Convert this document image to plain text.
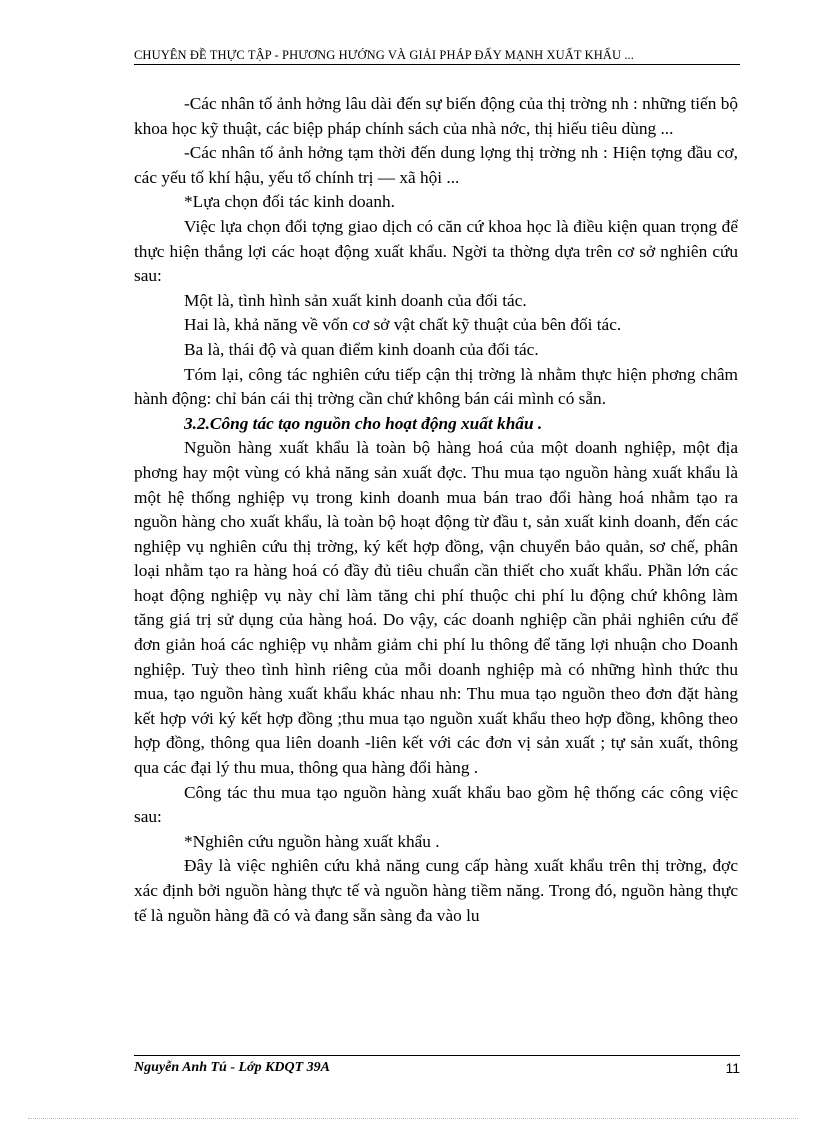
CHUYÊN ĐỀ THỰC TẬP - PHƯƠNG HƯỚNG VÀ GIẢI PHÁP ĐẨY MẠNH XUẤT KHẨU ...

-Các nhân tố ảnh hởng lâu dài đến sự biến động của thị trờng nh : những tiến bộ khoa học kỹ thuật, các biệp pháp chính sách của nhà nớc, thị hiếu tiêu dùng ...

-Các nhân tố ảnh hởng tạm thời đến dung lợng thị trờng nh : Hiện tợng đầu cơ, các yếu tố khí hậu, yếu tố chính trị — xã hội ...

*Lựa chọn đối tác kinh doanh.

Việc lựa chọn đối tợng giao dịch có căn cứ khoa học là điều kiện quan trọng để thực hiện thắng lợi các hoạt động xuất khẩu. Ngời ta thờng dựa trên cơ sở nghiên cứu sau:

Một là, tình hình sản xuất kinh doanh của đối tác.

Hai là, khả năng về vốn cơ sở vật chất kỹ thuật của bên đối tác.

Ba là, thái độ và quan điểm kinh doanh của đối tác.

Tóm lại, công tác nghiên cứu tiếp cận thị trờng là nhằm thực hiện phơng châm hành động: chỉ bán cái thị trờng cần chứ không bán cái mình có sẵn.

3.2.Công tác tạo nguồn cho hoạt động xuất khẩu .

Nguồn hàng xuất khẩu là toàn bộ hàng hoá của một doanh nghiệp, một địa phơng hay một vùng có khả năng sản xuất đợc. Thu mua tạo nguồn hàng xuất khẩu là một hệ thống nghiệp vụ trong kinh doanh mua bán trao đổi hàng hoá nhằm tạo ra nguồn hàng cho xuất khẩu, là toàn bộ hoạt động từ đầu t, sản xuất kinh doanh, đến các nghiệp vụ nghiên cứu thị trờng, ký kết hợp đồng, vận chuyển bảo quản, sơ chế, phân loại nhằm tạo ra hàng hoá có đầy đủ tiêu chuẩn cần thiết cho xuất khẩu. Phần lớn các hoạt động nghiệp vụ này chỉ làm tăng chi phí thuộc chi phí lu động chứ không làm tăng giá trị sử dụng của hàng hoá. Do vậy, các doanh nghiệp cần phải nghiên cứu để đơn giản hoá các nghiệp vụ nhằm giảm chi phí lu thông để tăng lợi nhuận cho Doanh nghiệp. Tuỳ theo tình hình riêng của mỗi doanh nghiệp mà có những hình thức thu mua, tạo nguồn hàng xuất khẩu khác nhau nh: Thu mua tạo nguồn theo đơn đặt hàng kết hợp với ký kết hợp đồng ;thu mua tạo nguồn xuất khẩu theo hợp đồng, không theo hợp đồng, thông qua liên doanh -liên kết với các đơn vị sản xuất ; tự sản xuất, thông qua các đại lý thu mua, thông qua hàng đổi hàng .

Công tác thu mua tạo nguồn hàng xuất khẩu bao gồm hệ thống các công việc sau:

*Nghiên cứu nguồn hàng xuất khẩu .

Đây là việc nghiên cứu khả năng cung cấp hàng xuất khẩu trên thị trờng, đợc xác định bởi nguồn hàng thực tế và nguồn hàng tiềm năng. Trong đó, nguồn hàng thực tế là nguồn hàng đã có và đang sẵn sàng đa vào lu

Nguyễn Anh Tú - Lớp KDQT 39A	11
